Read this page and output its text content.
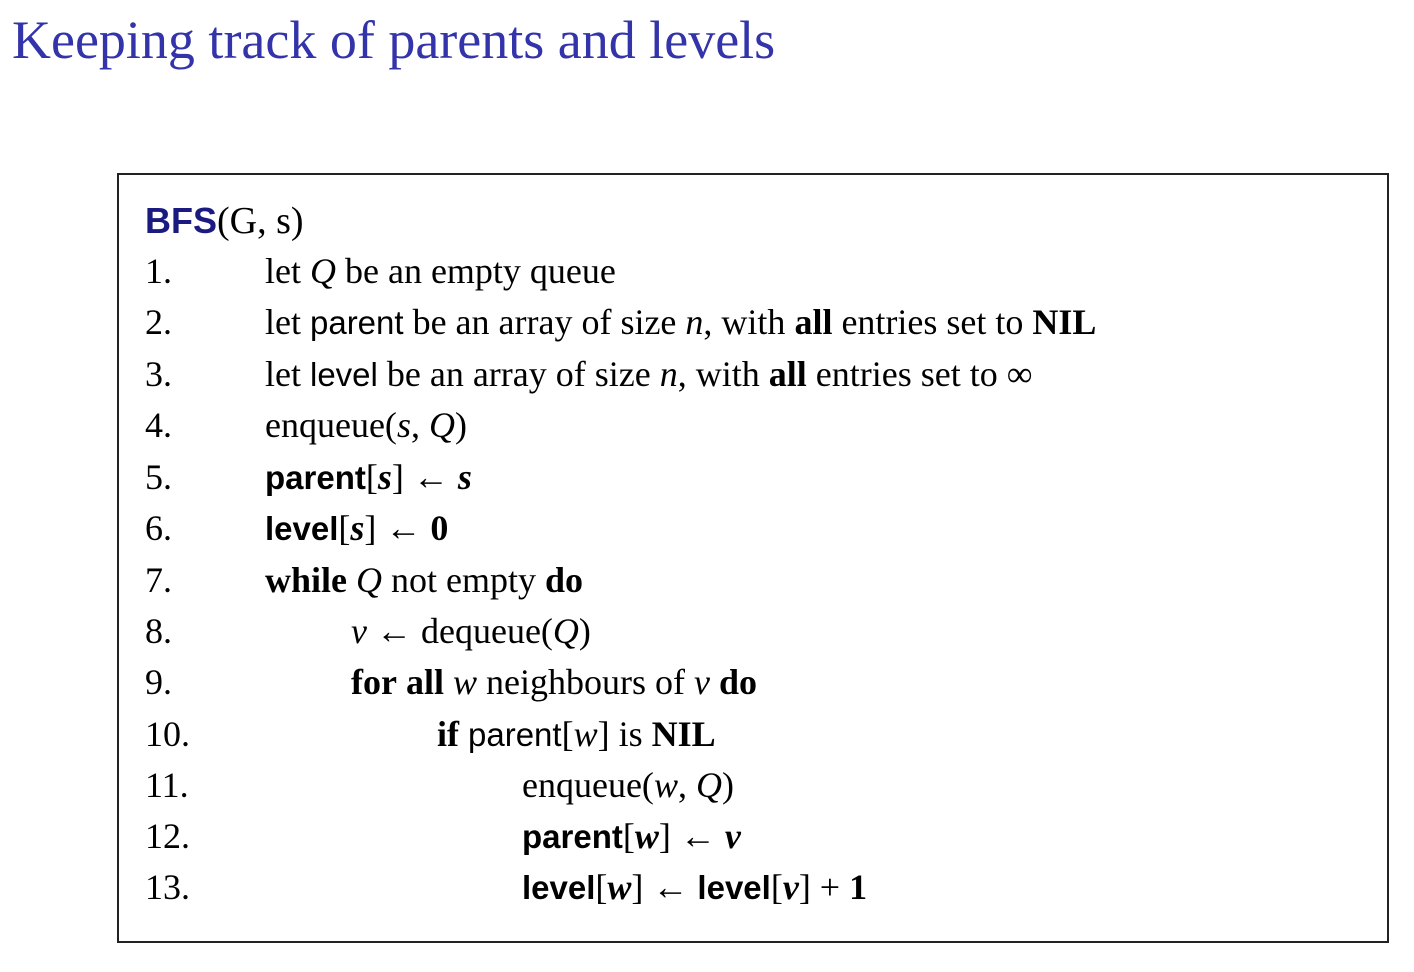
Keeping track of parents and levels
BFS(G, s)
1.	let Q be an empty queue
2.	let parent be an array of size n, with all entries set to NIL
3.	let level be an array of size n, with all entries set to ∞
4.	enqueue(s, Q)
5.	parent[s] ← s
6.	level[s] ← 0
7.	while Q not empty do
8.	v ← dequeue(Q)
9.	for all w neighbours of v do
10.	if parent[w] is NIL
11.	enqueue(w, Q)
12.	parent[w] ← v
13.	level[w] ← level[v] + 1
